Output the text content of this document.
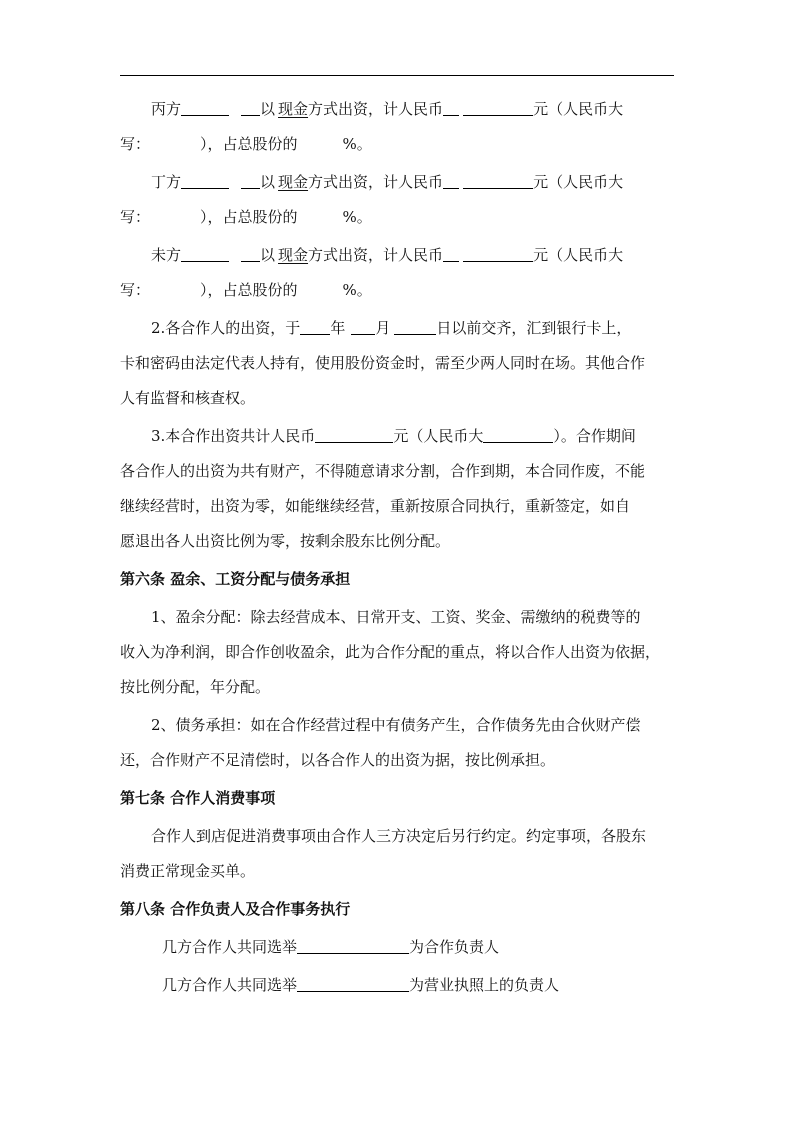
丙方	以 现金方式出资，计人民币	元（人民币大
写：	），占总股份的	%。
丁方	以 现金方式出资，计人民币	元（人民币大
写：	），占总股份的	%。
未方	以 现金方式出资，计人民币	元（人民币大
写：	），占总股份的	%。
2.各合作人的出资，于 年 月	日以前交齐，汇到银行卡上，
卡和密码由法定代表人持有，使用股份资金时，需至少两人同时在场。其他合作
人有监督和核查权。
3.本合作出资共计人民币	元（人民币大	）。合作期间
各合作人的出资为共有财产，不得随意请求分割，合作到期，本合同作废，不能
继续经营时，出资为零，如能继续经营，重新按原合同执行，重新签定，如自
愿退出各人出资比例为零，按剩余股东比例分配。
第六条 盈余、工资分配与债务承担
1、盈余分配：除去经营成本、日常开支、工资、奖金、需缴纳的税费等的
收入为净利润，即合作创收盈余，此为合作分配的重点，将以合作人出资为依据，
按比例分配，年分配。
2、债务承担：如在合作经营过程中有债务产生，合作债务先由合伙财产偿
还，合作财产不足清偿时，以各合作人的出资为据，按比例承担。
第七条 合作人消费事项
合作人到店促进消费事项由合作人三方决定后另行约定。约定事项，各股东
消费正常现金买单。
第八条 合作负责人及合作事务执行
几方合作人共同选举	为合作负责人
几方合作人共同选举	为营业执照上的负责人
